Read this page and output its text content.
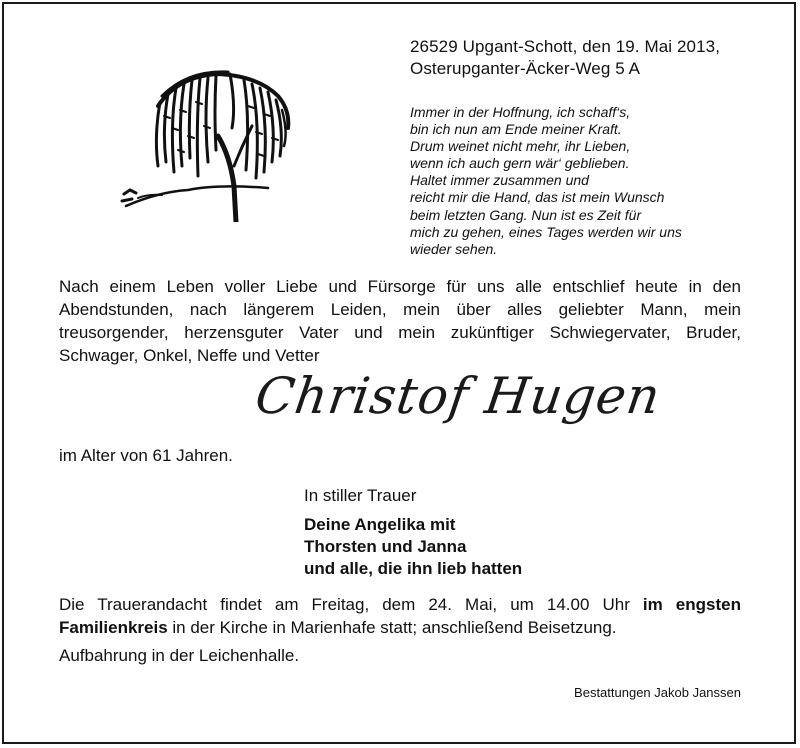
26529 Upgant-Schott, den 19. Mai 2013,
Osterupganter-Äcker-Weg 5 A
Immer in der Hoffnung, ich schaff‘s,
bin ich nun am Ende meiner Kraft.
Drum weinet nicht mehr, ihr Lieben,
wenn ich auch gern wär‘ geblieben.
Haltet immer zusammen und
reicht mir die Hand, das ist mein Wunsch
beim letzten Gang. Nun ist es Zeit für
mich zu gehen, eines Tages werden wir uns
wieder sehen.
Nach einem Leben voller Liebe und Fürsorge für uns alle entschlief heute in den
Abendstunden, nach längerem Leiden, mein über alles geliebter Mann, mein
treusorgender, herzensguter Vater und mein zukünftiger Schwiegervater, Bruder,
Schwager, Onkel, Neffe und Vetter
Christof Hugen
im Alter von 61 Jahren.
In stiller Trauer
Deine Angelika mit
Thorsten und Janna
und alle, die ihn lieb hatten
Die Trauerandacht findet am Freitag, dem 24. Mai, um 14.00 Uhr im engsten
Familienkreis in der Kirche in Marienhafe statt; anschließend Beisetzung.
Aufbahrung in der Leichenhalle.
Bestattungen Jakob Janssen
